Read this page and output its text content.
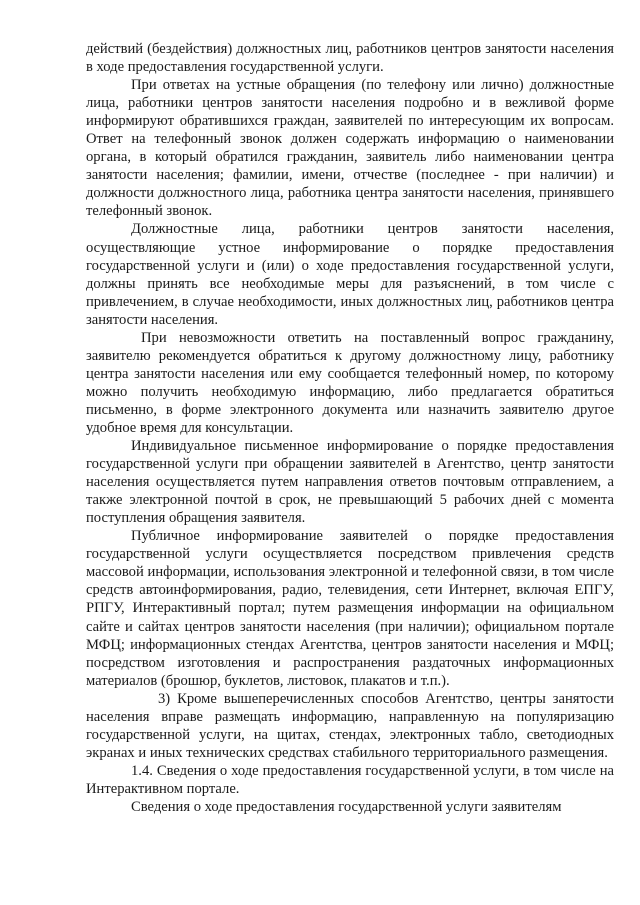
действий (бездействия) должностных лиц, работников центров занятости населения в ходе предоставления государственной услуги.

При ответах на устные обращения (по телефону или лично) должностные лица, работники центров занятости населения подробно и в вежливой форме информируют обратившихся граждан, заявителей по интересующим их вопросам. Ответ на телефонный звонок должен содержать информацию о наименовании органа, в который обратился гражданин, заявитель либо наименовании центра занятости населения; фамилии, имени, отчестве (последнее - при наличии) и должности должностного лица, работника центра занятости населения, принявшего телефонный звонок.

Должностные лица, работники центров занятости населения, осуществляющие устное информирование о порядке предоставления государственной услуги и (или) о ходе предоставления государственной услуги, должны принять все необходимые меры для разъяснений, в том числе с привлечением, в случае необходимости, иных должностных лиц, работников центра занятости населения.

При невозможности ответить на поставленный вопрос гражданину, заявителю рекомендуется обратиться к другому должностному лицу, работнику центра занятости населения или ему сообщается телефонный номер, по которому можно получить необходимую информацию, либо предлагается обратиться письменно, в форме электронного документа или назначить заявителю другое удобное время для консультации.

Индивидуальное письменное информирование о порядке предоставления государственной услуги при обращении заявителей в Агентство, центр занятости населения осуществляется путем направления ответов почтовым отправлением, а также электронной почтой в срок, не превышающий 5 рабочих дней с момента поступления обращения заявителя.

Публичное информирование заявителей о порядке предоставления государственной услуги осуществляется посредством привлечения средств массовой информации, использования электронной и телефонной связи, в том числе средств автоинформирования, радио, телевидения, сети Интернет, включая ЕПГУ, РПГУ, Интерактивный портал; путем размещения информации на официальном сайте и сайтах центров занятости населения (при наличии); официальном портале МФЦ; информационных стендах Агентства, центров занятости населения и МФЦ; посредством изготовления и распространения раздаточных информационных материалов (брошюр, буклетов, листовок, плакатов и т.п.).

3) Кроме вышеперечисленных способов Агентство, центры занятости населения вправе размещать информацию, направленную на популяризацию государственной услуги, на щитах, стендах, электронных табло, светодиодных экранах и иных технических средствах стабильного территориального размещения.

1.4. Сведения о ходе предоставления государственной услуги, в том числе на Интерактивном портале.

Сведения о ходе предоставления государственной услуги заявителям
